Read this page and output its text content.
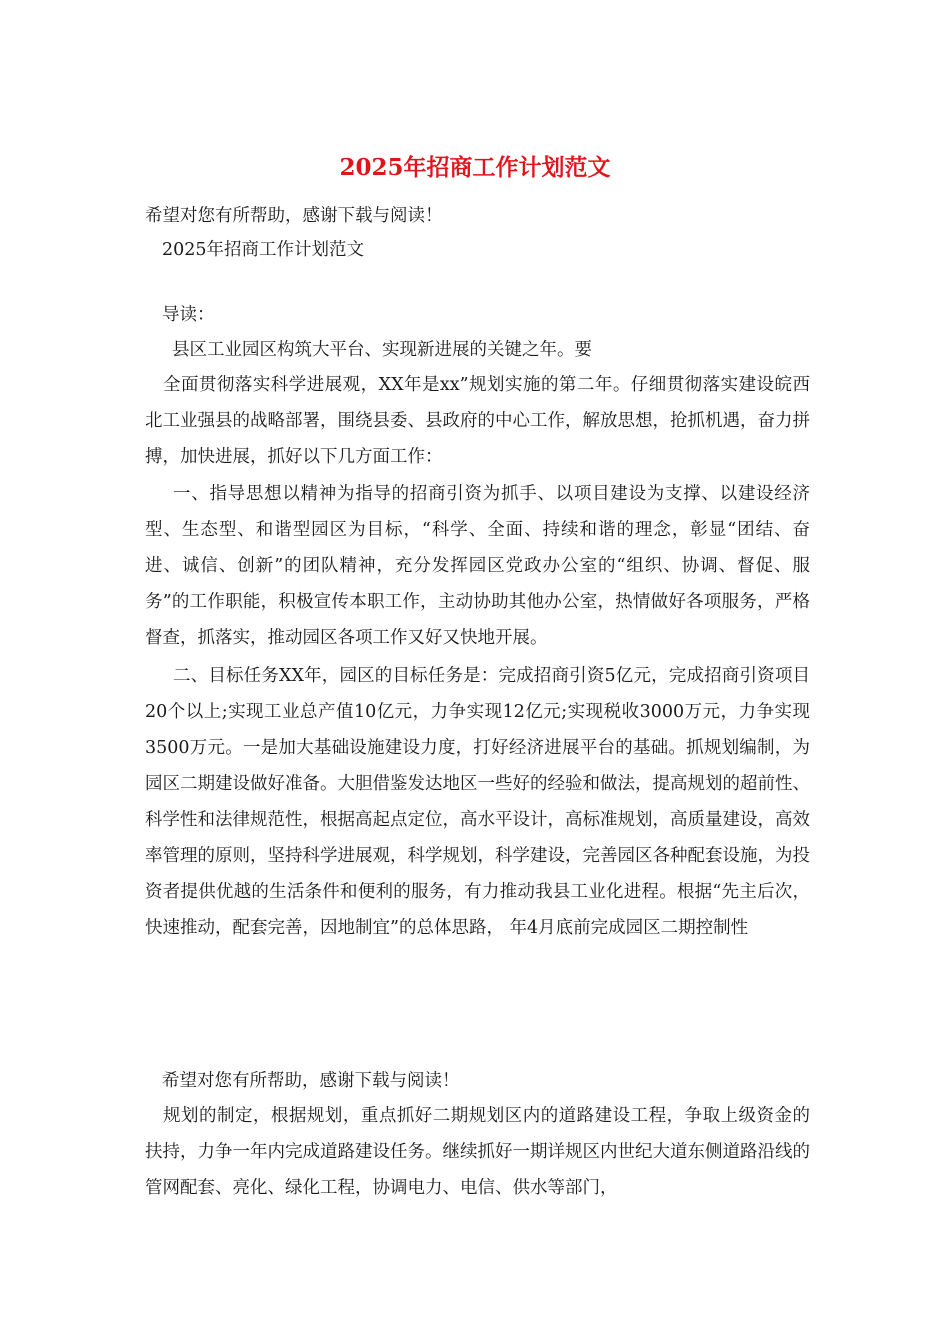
2025年招商工作计划范文
希望对您有所帮助，感谢下载与阅读！
2025年招商工作计划范文
导读：
县区工业园区构筑大平台、实现新进展的关键之年。要

全面贯彻落实科学进展观，XX年是xx”规划实施的第二年。仔细贯彻落实建设皖西北工业强县的战略部署，围绕县委、县政府的中心工作，解放思想，抢抓机遇，奋力拼搏，加快进展，抓好以下几方面工作：

一、指导思想以精神为指导的招商引资为抓手、以项目建设为支撑、以建设经济型、生态型、和谐型园区为目标，“科学、全面、持续和谐的理念，彰显“团结、奋进、诚信、创新”的团队精神，充分发挥园区党政办公室的“组织、协调、督促、服务”的工作职能，积极宣传本职工作，主动协助其他办公室，热情做好各项服务，严格督查，抓落实，推动园区各项工作又好又快地开展。

二、目标任务XX年，园区的目标任务是：完成招商引资5亿元，完成招商引资项目20个以上;实现工业总产值10亿元，力争实现12亿元;实现税收3000万元，力争实现3500万元。一是加大基础设施建设力度，打好经济进展平台的基础。抓规划编制，为园区二期建设做好准备。大胆借鉴发达地区一些好的经验和做法，提高规划的超前性、科学性和法律规范性，根据高起点定位，高水平设计，高标准规划，高质量建设，高效率管理的原则，坚持科学进展观，科学规划，科学建设，完善园区各种配套设施，为投资者提供优越的生活条件和便利的服务，有力推动我县工业化进程。根据“先主后次，快速推动，配套完善，因地制宜”的总体思路， 年4月底前完成园区二期控制性

希望对您有所帮助，感谢下载与阅读！

规划的制定，根据规划，重点抓好二期规划区内的道路建设工程，争取上级资金的扶持，力争一年内完成道路建设任务。继续抓好一期详规区内世纪大道东侧道路沿线的管网配套、亮化、绿化工程，协调电力、电信、供水等部门，
